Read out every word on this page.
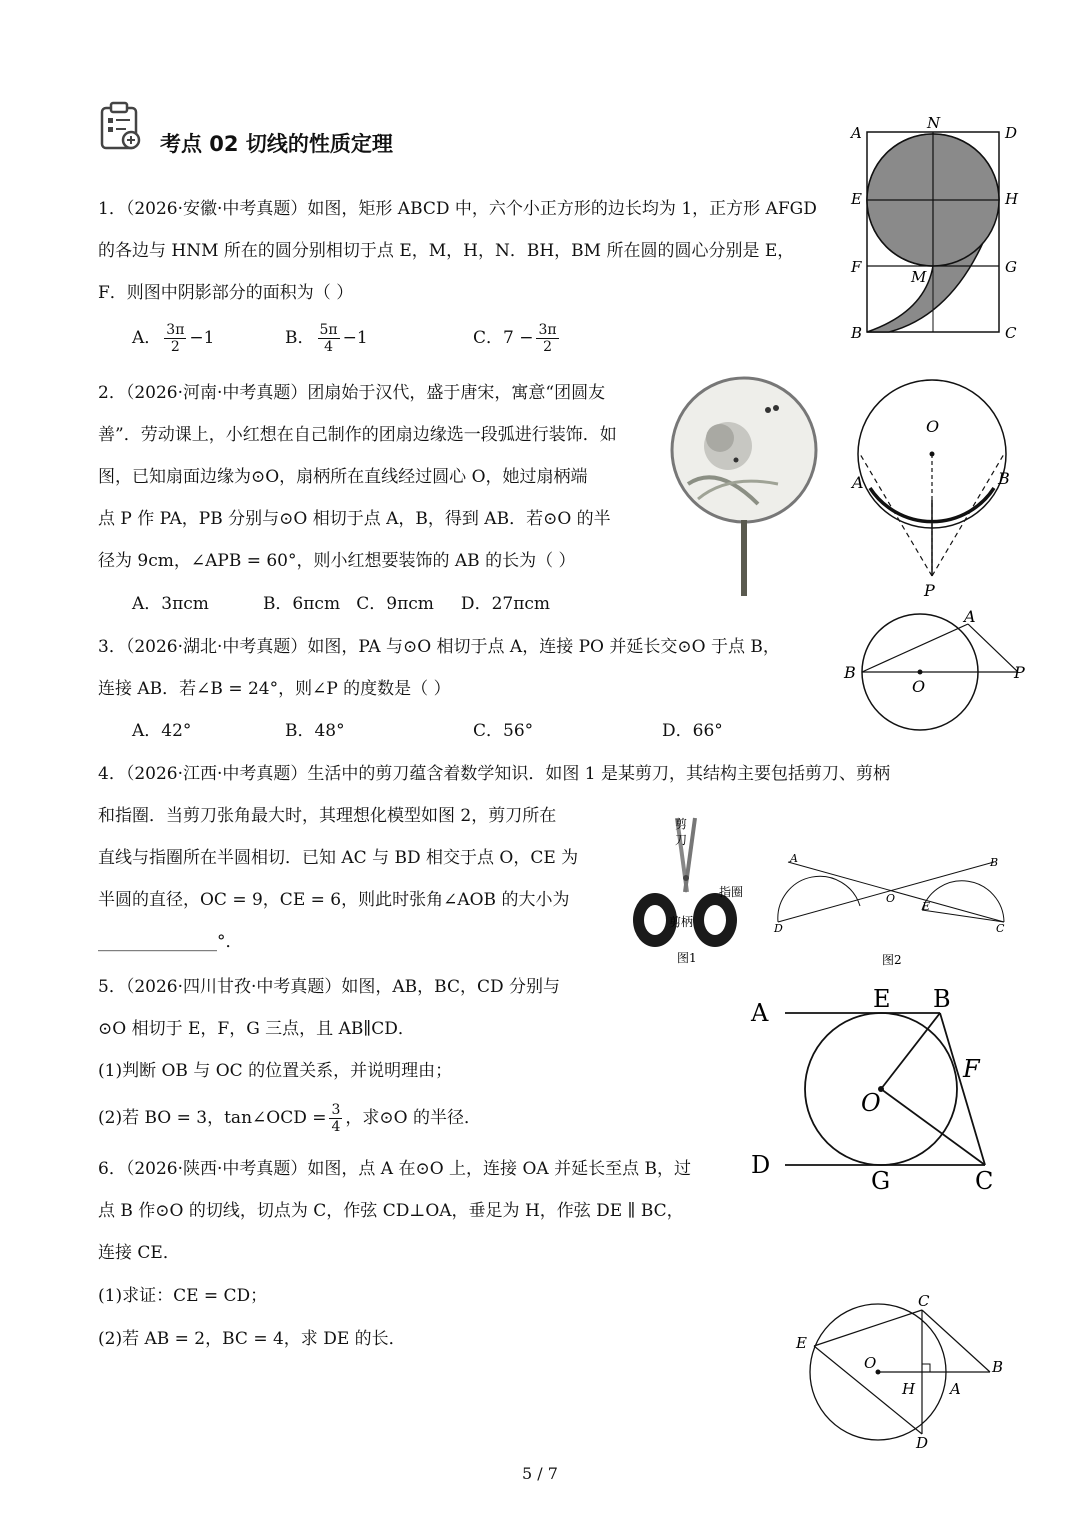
考点 02 切线的性质定理
1．（2026·安徽·中考真题）如图，矩形 ABCD 中，六个小正方形的边长均为 1，正方形 AFGD
的各边与 HNM 所在的圆分别相切于点 E，M，H，N．BH，BM 所在圆的圆心分别是 E，
F．则图中阴影部分的面积为（ ）
A． $\frac{3\pi}{2} -1$	B． $\frac{5\pi}{4} -1$	C．$7 - \frac{3\pi}{2}$
A
N
D
E	H
F
M
G
B	C
2．（2026·河南·中考真题）团扇始于汉代，盛于唐宋，寓意“团圆友
善”．劳动课上，小红想在自己制作的团扇边缘选一段弧进行装饰．如
图，已知扇面边缘为⊙O，扇柄所在直线经过圆心 O，她过扇柄端
点 P 作 PA，PB 分别与⊙O 相切于点 A，B，得到 AB．若⊙O 的半
径为 9cm，∠APB = 60°，则小红想要装饰的 AB 的长为（ ）
A．3πcm          B．6πcm   C．9πcm     D．27πcm
O
A	B
P
3．（2026·湖北·中考真题）如图，PA 与⊙O 相切于点 A，连接 PO 并延长交⊙O 于点 B，
连接 AB．若∠B = 24°，则∠P 的度数是（ ）
A．42°	B．48°	C．56°	D．66°
A
B
O
P
4．（2026·江西·中考真题）生活中的剪刀蕴含着数学知识．如图 1 是某剪刀，其结构主要包括剪刀、剪柄
和指圈．当剪刀张角最大时，其理想化模型如图 2，剪刀所在
直线与指圈所在半圆相切．已知 AC 与 BD 相交于点 O，CE 为
半圆的直径，OC = 9，CE = 6，则此时张角∠AOB 的大小为
______________°．
剪
刀
指圈
剪柄
图1
A	B
O
E
D	C
图2
5．（2026·四川甘孜·中考真题）如图，AB，BC，CD 分别与
⊙O 相切于 E，F，G 三点，且 AB∥CD．
(1)判断 OB 与 OC 的位置关系，并说明理由；
(2)若 BO = 3，tan∠OCD = $\frac{3}{4}$ ，求⊙O 的半径．
A	E B
F
O
D
G	C
6．（2026·陕西·中考真题）如图，点 A 在⊙O 上，连接 OA 并延长至点 B，过
点 B 作⊙O 的切线，切点为 C，作弦 CD⊥OA，垂足为 H，作弦 DE ∥ BC，
连接 CE．
(1)求证：CE = CD；
(2)若 AB = 2，BC = 4，求 DE 的长．
C
E
O
H A
B
D
5 / 7
